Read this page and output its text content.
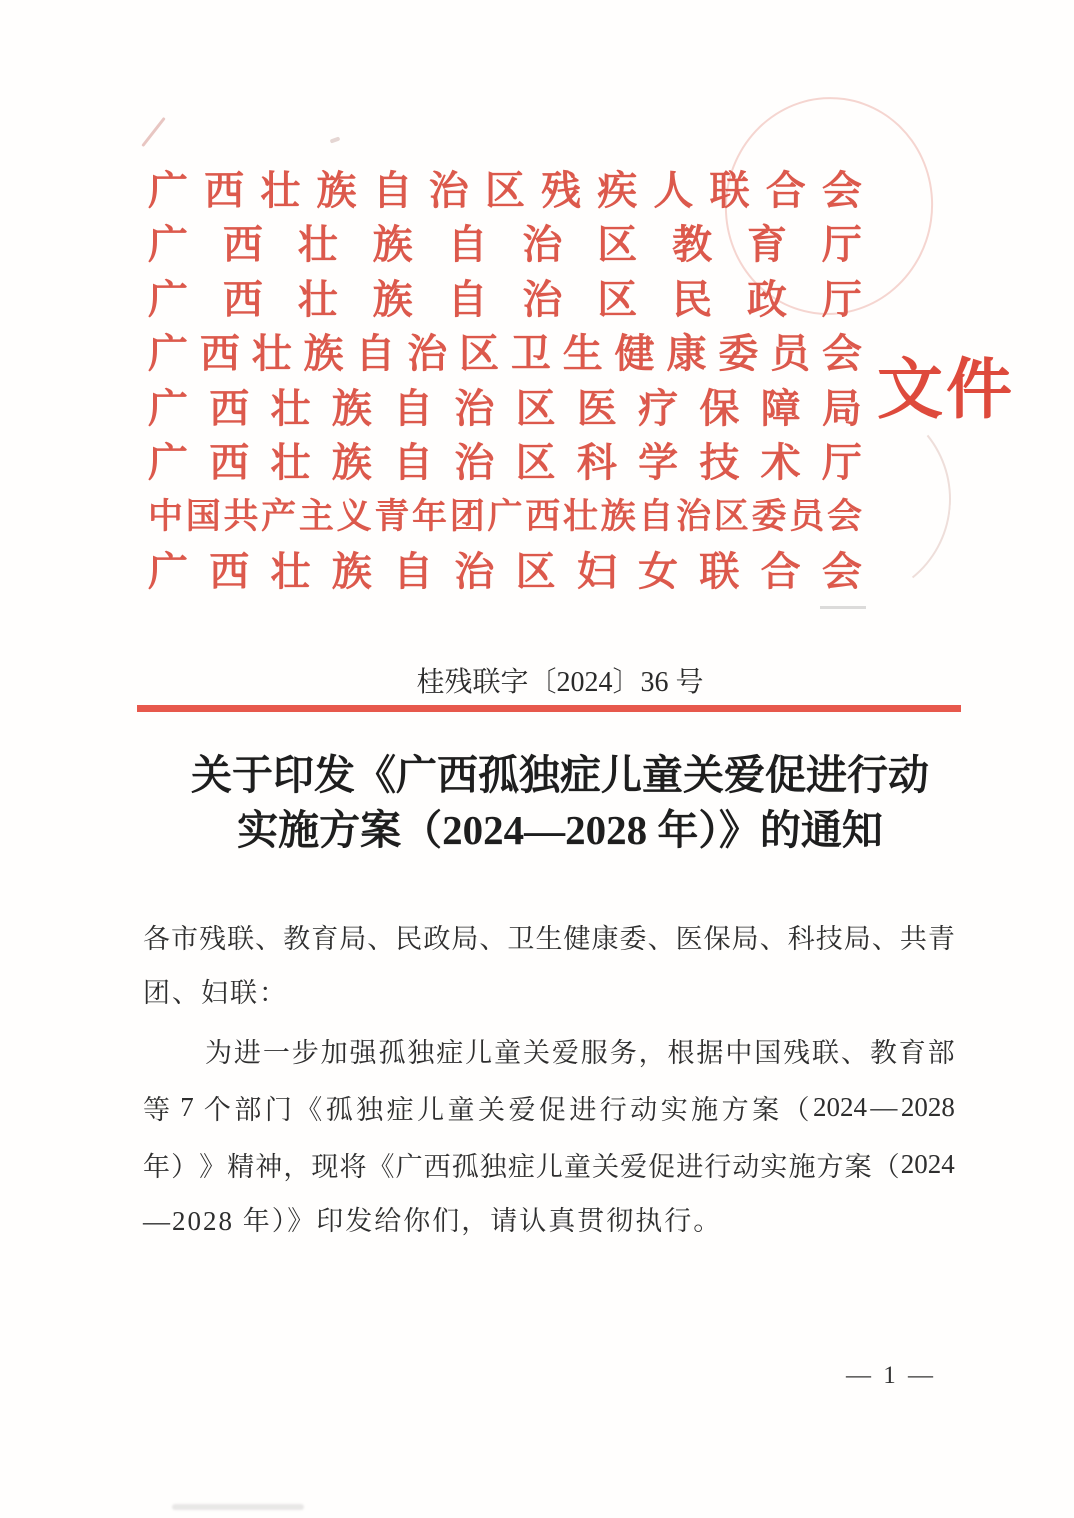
广 西 壮 族 自 治 区 残 疾 人 联 合 会
广 西 壮 族 自 治 区 教 育 厅
广 西 壮 族 自 治 区 民 政 厅
广 西 壮 族 自 治 区 卫 生 健 康 委 员 会
广 西 壮 族 自 治 区 医 疗 保 障 局
广 西 壮 族 自 治 区 科 学 技 术 厅
中 国 共 产 主 义 青 年 团 广 西 壮 族 自 治 区 委 员 会
广 西 壮 族 自 治 区 妇 女 联 合 会
文件
桂残联字〔2024〕36 号
关于印发《广西孤独症儿童关爱促进行动
实施方案（2024—2028 年）》的通知
各 市 残 联 、 教 育 局 、 民 政 局 、 卫 生 健 康 委 、 医 保 局 、 科 技 局 、 共 青
团、妇联：
为 进 一 步 加 强 孤 独 症 儿 童 关 爱 服 务 ， 根 据 中 国 残 联 、 教 育 部
等 7 个 部 门 《 孤 独 症 儿 童 关 爱 促 进 行 动 实 施 方 案 （ 2024 — 2028
年 ） 》 精 神 ， 现 将 《 广 西 孤 独 症 儿 童 关 爱 促 进 行 动 实 施 方 案 （ 2024
—2028 年）》印发给你们，请认真贯彻执行。
— 1 —
